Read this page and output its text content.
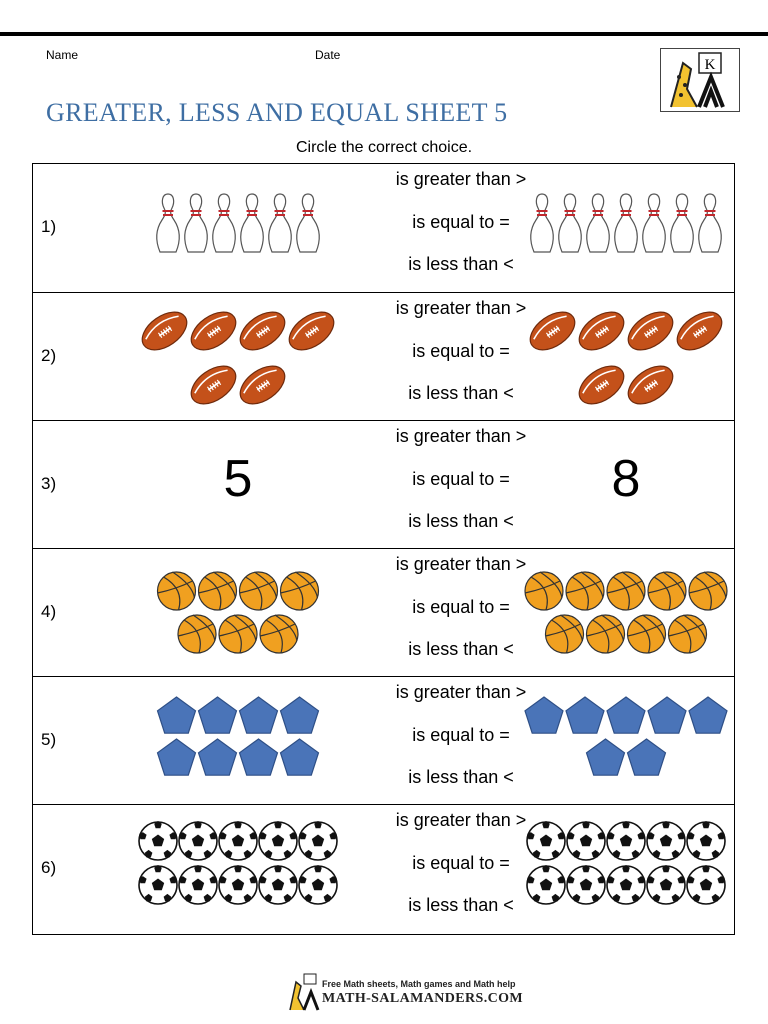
Name	Date
K
GREATER, LESS AND EQUAL SHEET 5
Circle the correct choice.
1)
is greater than >
is equal to =
is less than <
2)
is greater than >
is equal to =
is less than <
3)	5
is greater than >
is equal to =
is less than <
8
4)
is greater than >
is equal to =
is less than <
5)
is greater than >
is equal to =
is less than <
6)
is greater than >
is equal to =
is less than <
Free Math sheets, Math games and Math help
MATH-SALAMANDERS.COM
